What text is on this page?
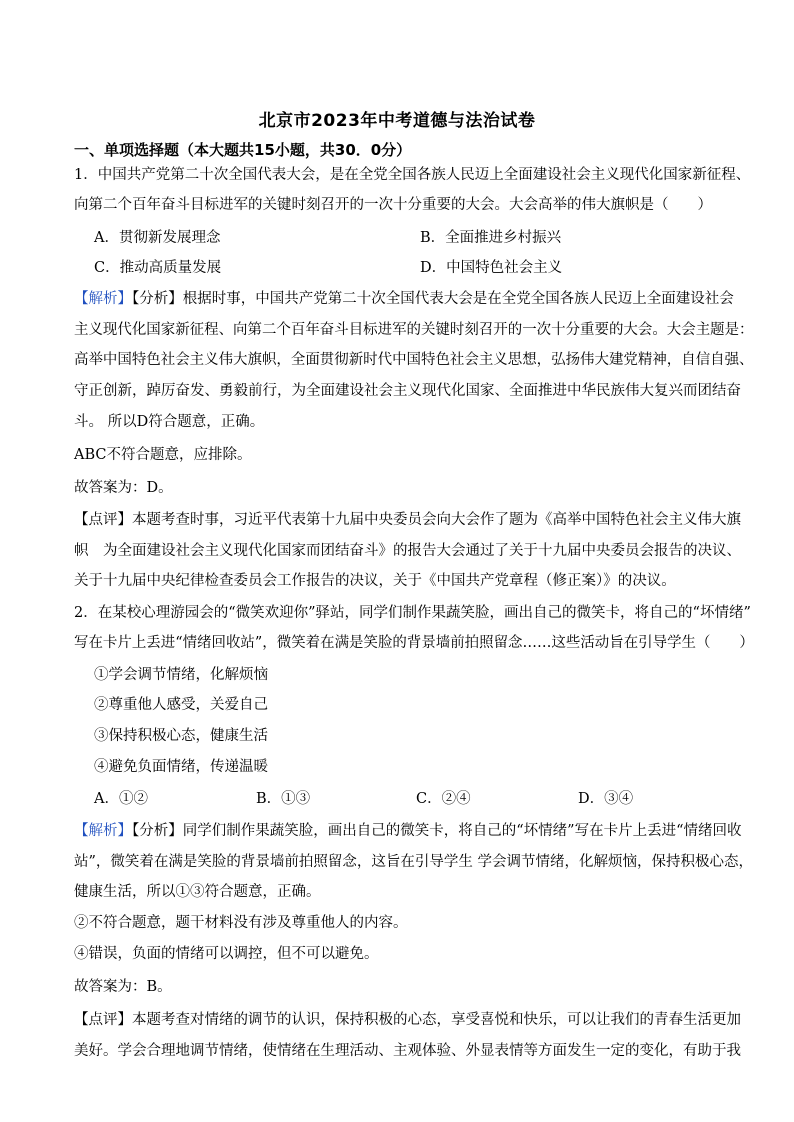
北京市2023年中考道德与法治试卷
一、单项选择题（本大题共15小题，共30．0分）
1．中国共产党第二十次全国代表大会，是在全党全国各族人民迈上全面建设社会主义现代化国家新征程、
向第二个百年奋斗目标进军的关键时刻召开的一次十分重要的大会。大会高举的伟大旗帜是（　　）
A．贯彻新发展理念	B．全面推进乡村振兴
C．推动高质量发展	D．中国特色社会主义
【解析】【分析】根据时事，中国共产党第二十次全国代表大会是在全党全国各族人民迈上全面建设社会
主义现代化国家新征程、向第二个百年奋斗目标进军的关键时刻召开的一次十分重要的大会。大会主题是：
高举中国特色社会主义伟大旗帜，全面贯彻新时代中国特色社会主义思想，弘扬伟大建党精神，自信自强、
守正创新，踔厉奋发、勇毅前行，为全面建设社会主义现代化国家、全面推进中华民族伟大复兴而团结奋
斗。 所以D符合题意，正确。
ABC不符合题意，应排除。
故答案为：D。
【点评】本题考查时事，习近平代表第十九届中央委员会向大会作了题为《高举中国特色社会主义伟大旗
帜　为全面建设社会主义现代化国家而团结奋斗》的报告大会通过了关于十九届中央委员会报告的决议、
关于十九届中央纪律检查委员会工作报告的决议，关于《中国共产党章程（修正案）》的决议。
2．在某校心理游园会的“微笑欢迎你”驿站，同学们制作果蔬笑脸，画出自己的微笑卡，将自己的“坏情绪”
写在卡片上丢进“情绪回收站”，微笑着在满是笑脸的背景墙前拍照留念……这些活动旨在引导学生（　　）
①学会调节情绪，化解烦恼
②尊重他人感受，关爱自己
③保持积极心态，健康生活
④避免负面情绪，传递温暖
A．①②	B．①③	C．②④	D．③④
【解析】【分析】同学们制作果蔬笑脸，画出自己的微笑卡，将自己的“坏情绪”写在卡片上丢进“情绪回收
站”，微笑着在满是笑脸的背景墙前拍照留念，这旨在引导学生 学会调节情绪，化解烦恼，保持积极心态，
健康生活，所以①③符合题意，正确。
②不符合题意，题干材料没有涉及尊重他人的内容。
④错误，负面的情绪可以调控，但不可以避免。
故答案为：B。
【点评】本题考查对情绪的调节的认识，保持积极的心态，享受喜悦和快乐，可以让我们的青春生活更加
美好。学会合理地调节情绪，使情绪在生理活动、主观体验、外显表情等方面发生一定的变化，有助于我
